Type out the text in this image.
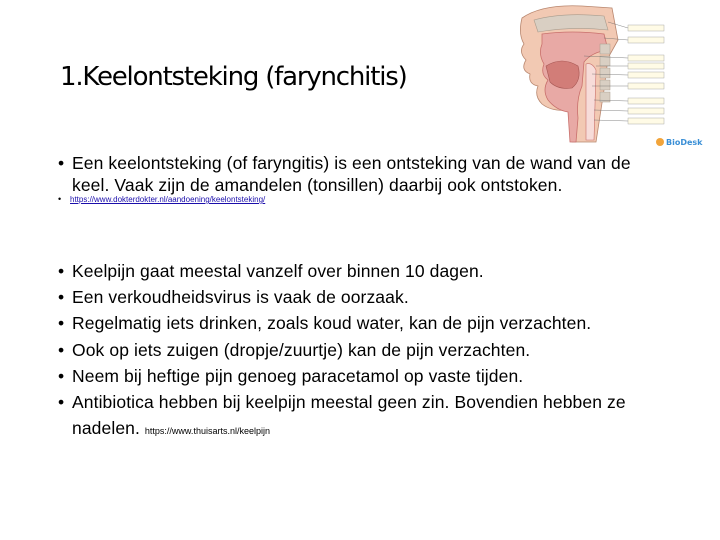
1.Keelontsteking (farynchitis)
BioDesk
• Een keelontsteking (of faryngitis) is een ontsteking van de wand van de keel. Vaak zijn de amandelen (tonsillen) daarbij ook ontstoken.
• https://www.dokterdokter.nl/aandoening/keelontsteking/
• Keelpijn gaat meestal vanzelf over binnen 10 dagen.
• Een verkoudheidsvirus is vaak de oorzaak.
• Regelmatig iets drinken, zoals koud water, kan de pijn verzachten.
• Ook op iets zuigen (dropje/zuurtje) kan de pijn verzachten.
• Neem bij heftige pijn genoeg paracetamol op vaste tijden.
• Antibiotica hebben bij keelpijn meestal geen zin. Bovendien hebben ze nadelen. https://www.thuisarts.nl/keelpijn
